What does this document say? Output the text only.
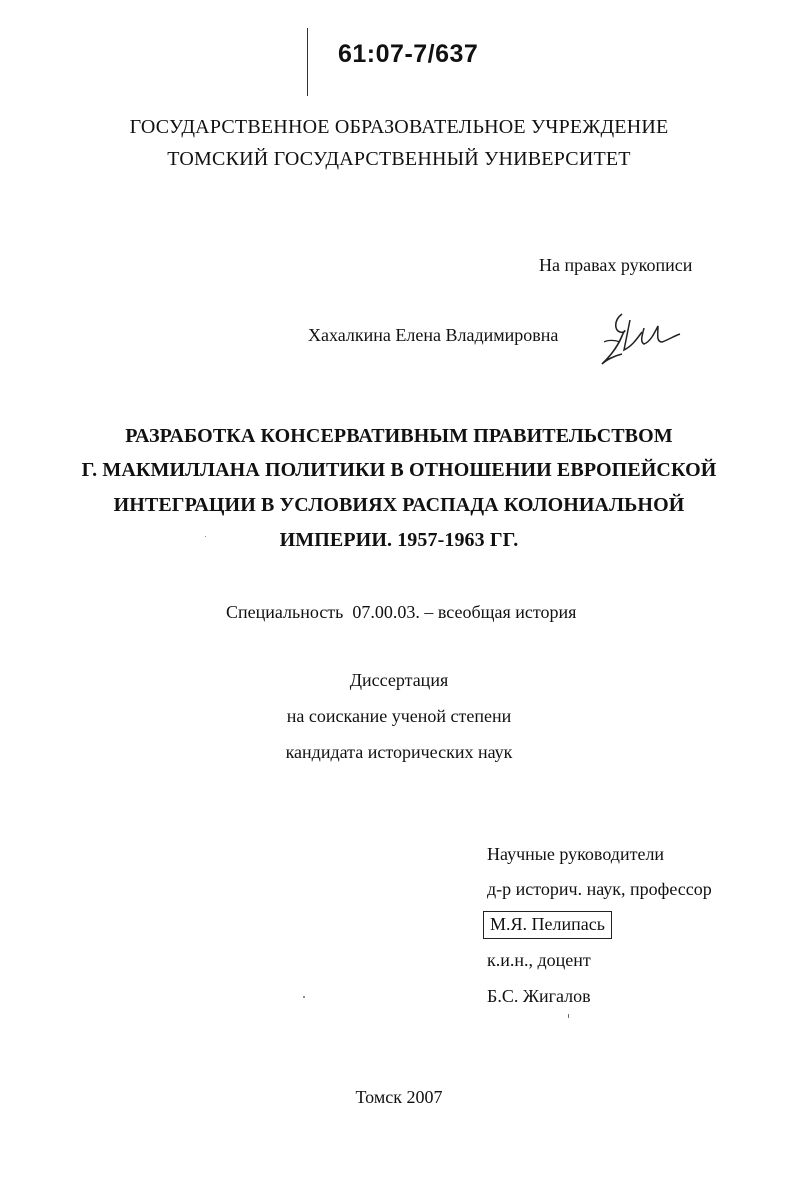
61:07-7/637
ГОСУДАРСТВЕННОЕ ОБРАЗОВАТЕЛЬНОЕ УЧРЕЖДЕНИЕ
ТОМСКИЙ ГОСУДАРСТВЕННЫЙ УНИВЕРСИТЕТ
На правах рукописи
Хахалкина Елена Владимировна
РАЗРАБОТКА КОНСЕРВАТИВНЫМ ПРАВИТЕЛЬСТВОМ
Г. МАКМИЛЛАНА ПОЛИТИКИ В ОТНОШЕНИИ ЕВРОПЕЙСКОЙ
ИНТЕГРАЦИИ В УСЛОВИЯХ РАСПАДА КОЛОНИАЛЬНОЙ
ИМПЕРИИ. 1957-1963 ГГ.
Специальность  07.00.03. – всеобщая история
Диссертация
на соискание ученой степени
кандидата исторических наук
Научные руководители
д-р историч. наук, профессор
М.Я. Пелипась
к.и.н., доцент
Б.С. Жигалов
Томск 2007
